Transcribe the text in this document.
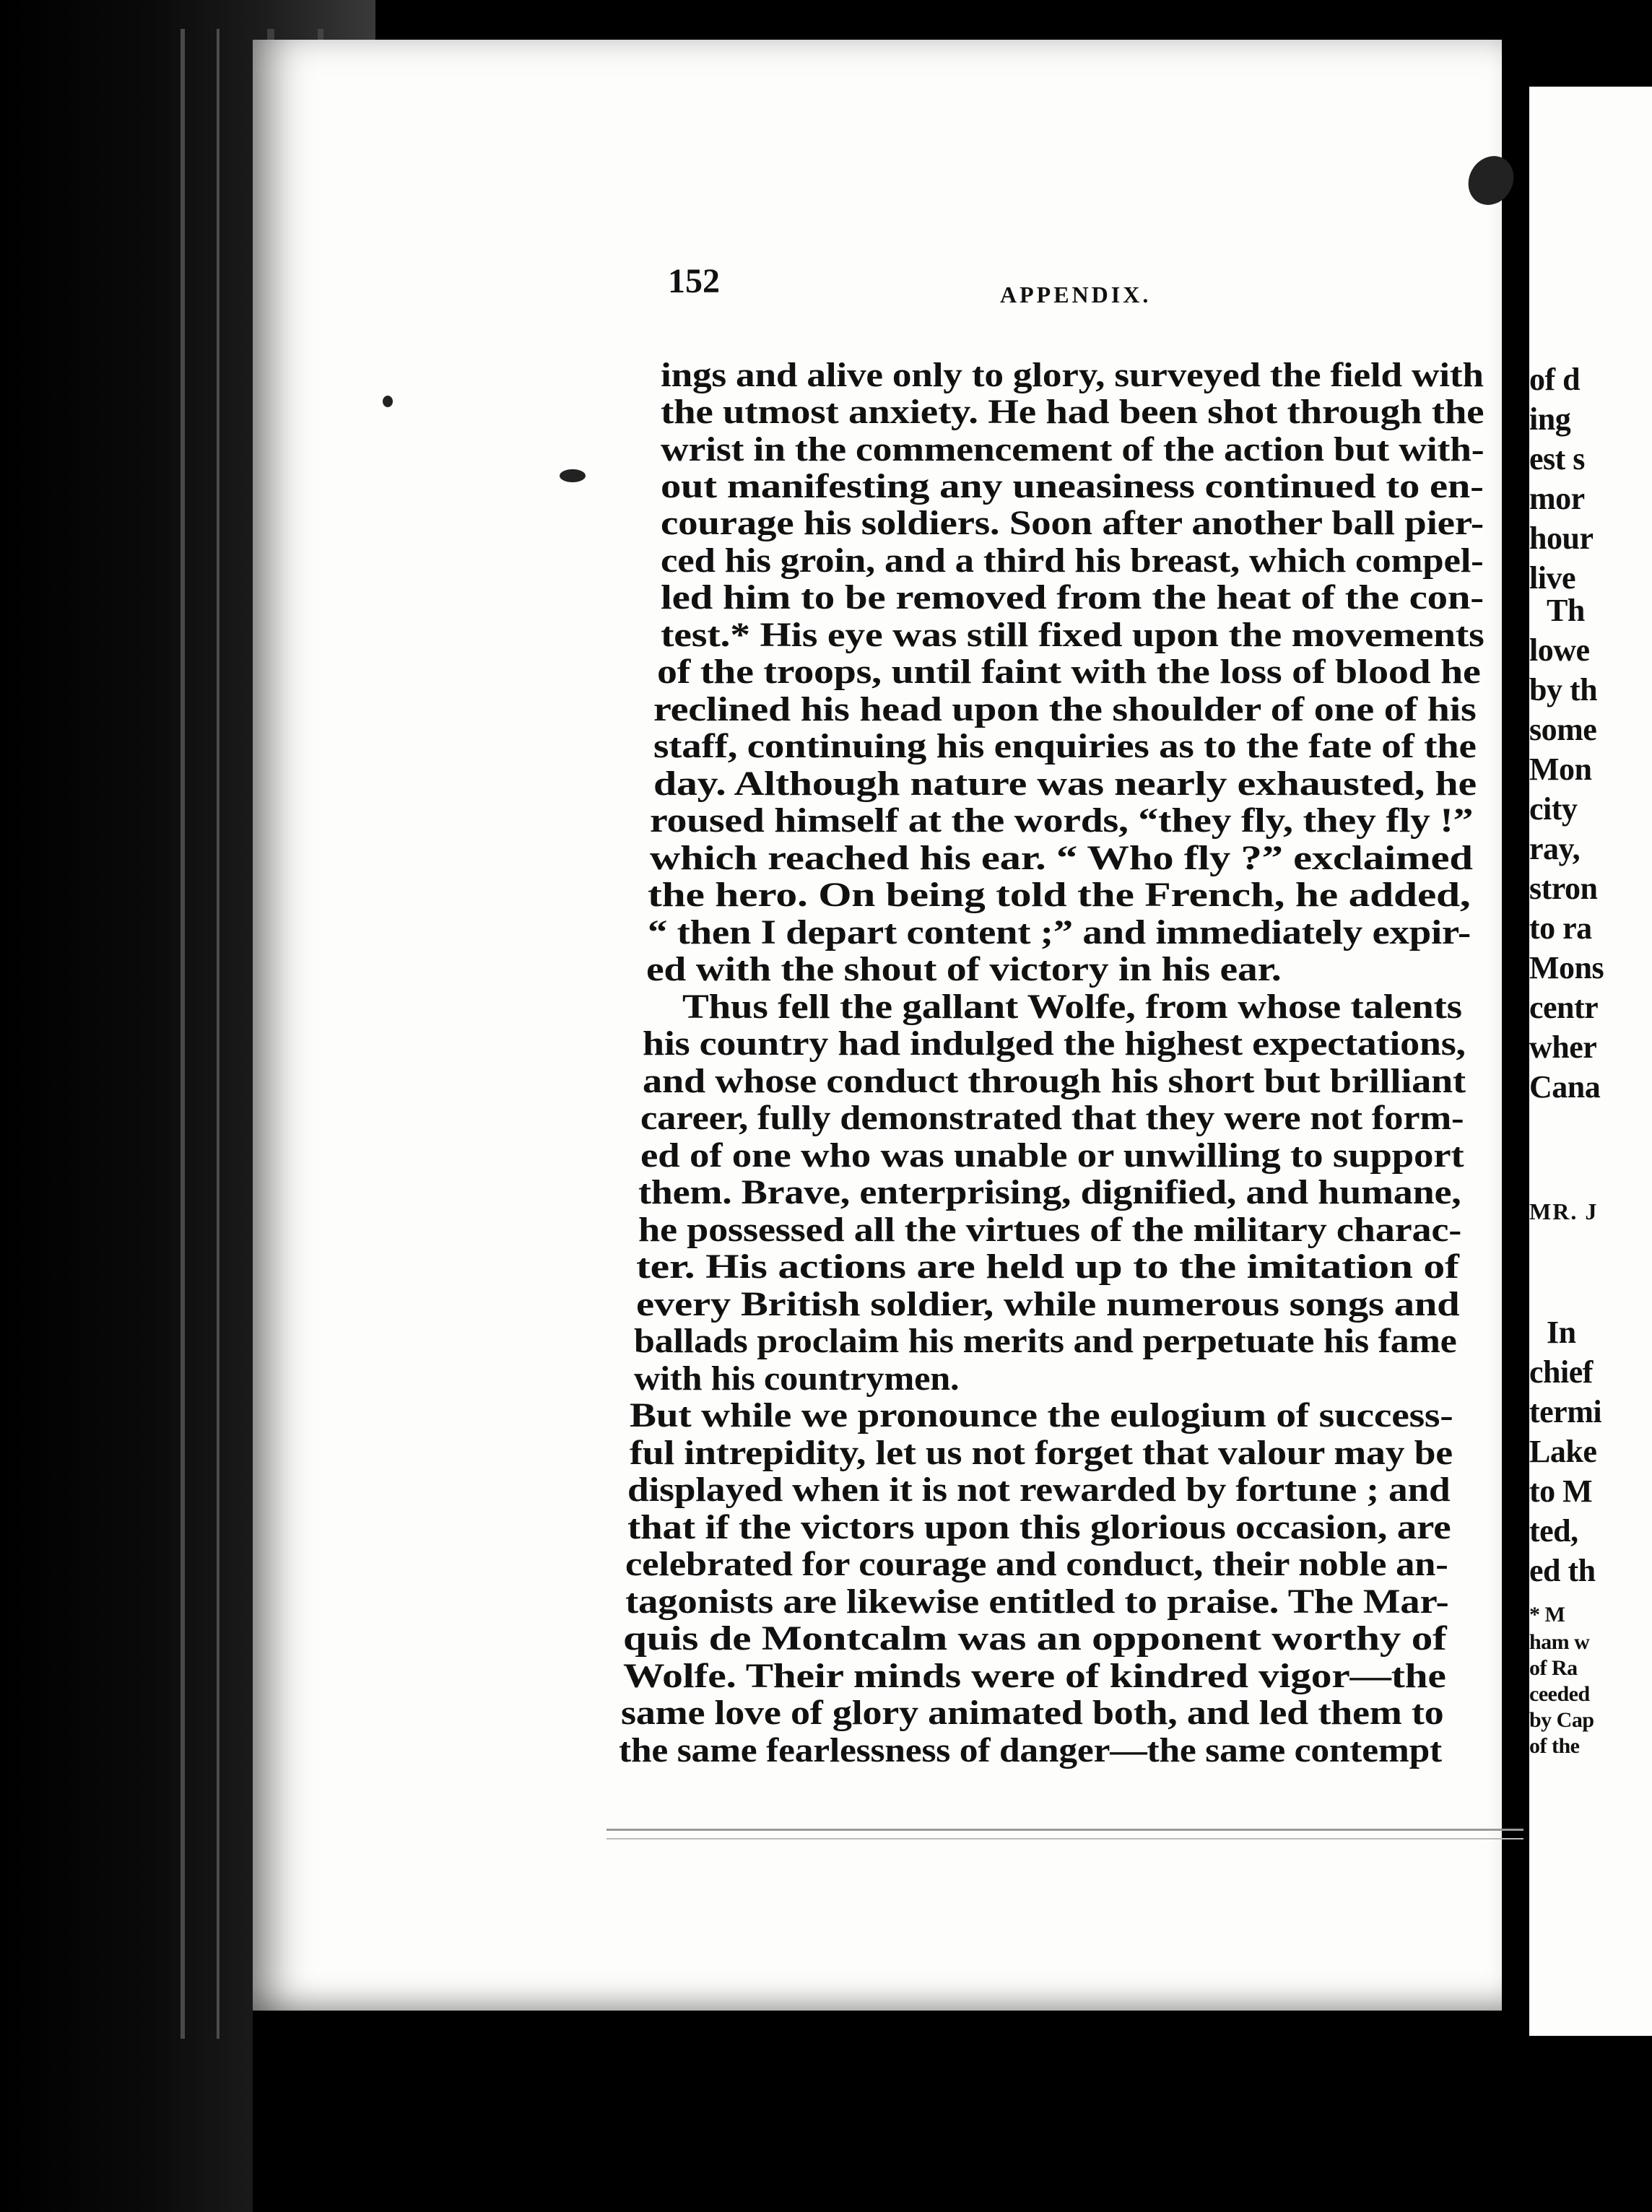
152	APPENDIX.
ings and alive only to glory, surveyed the field with
the utmost anxiety. He had been shot through the
wrist in the commencement of the action but with-
out manifesting any uneasiness continued to en-
courage his soldiers. Soon after another ball pier-
ced his groin, and a third his breast, which compel-
led him to be removed from the heat of the con-
test.* His eye was still fixed upon the movements
of the troops, until faint with the loss of blood he
reclined his head upon the shoulder of one of his
staff, continuing his enquiries as to the fate of the
day. Although nature was nearly exhausted, he
roused himself at the words, “they fly, they fly !”
which reached his ear. “ Who fly ?” exclaimed
the hero. On being told the French, he added,
“ then I depart content ;” and immediately expir-
ed with the shout of victory in his ear.
Thus fell the gallant Wolfe, from whose talents
his country had indulged the highest expectations,
and whose conduct through his short but brilliant
career, fully demonstrated that they were not form-
ed of one who was unable or unwilling to support
them. Brave, enterprising, dignified, and humane,
he possessed all the virtues of the military charac-
ter. His actions are held up to the imitation of
every British soldier, while numerous songs and
ballads proclaim his merits and perpetuate his fame
with his countrymen.
But while we pronounce the eulogium of success-
ful intrepidity, let us not forget that valour may be
displayed when it is not rewarded by fortune ; and
that if the victors upon this glorious occasion, are
celebrated for courage and conduct, their noble an-
tagonists are likewise entitled to praise. The Mar-
quis de Montcalm was an opponent worthy of
Wolfe. Their minds were of kindred vigor—the
same love of glory animated both, and led them to
the same fearlessness of danger—the same contempt
of d
ing
est s
mor
hour
live
Th
lowe
by th
some
Mon
city
ray,
stron
to ra
Mons
centr
wher
Cana
MR. J
In
chief
termi
Lake
to M
ted,
ed th
* M
ham w
of Ra
ceeded
by Cap
of the
